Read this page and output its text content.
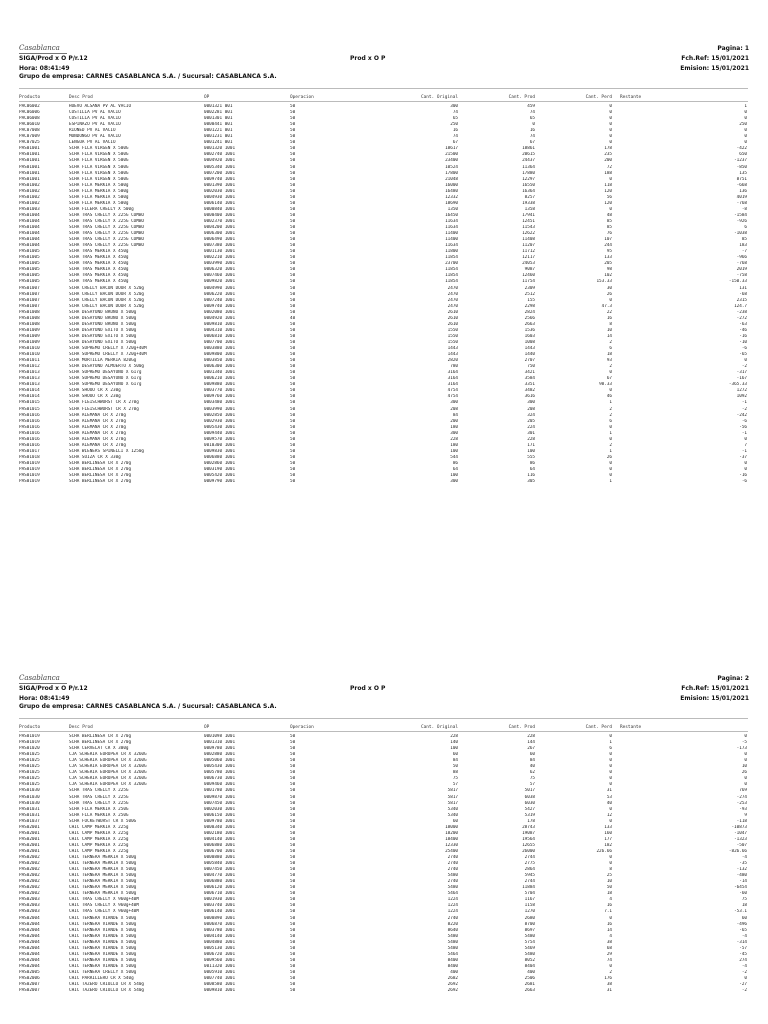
Casablanca
SIGA/Prod x O P/r.12	Prod x O P
Pagina: 1
Fch.Ref: 15/01/2021
Hora: 08:41:49	Emision: 15/01/2021
Grupo de empresa: CARNES CASABLANCA S.A. / Sucursal: CASABLANCA S.A.
Producto	Desc Prod	OP	Operacion	Cant. Original	Cant. Prod	Cant. Perd Restante
PAC06002	HUEVO ALSANA PV AL VACIO	0001321 001	50	300	459	0	1
PAC06006	COSTILLA PV AL VACIO	0002281 001	50	74	74	0	0
PAC06008	COSTILLA PV AL VACIO	0001301 001	50	65	65	0	0
PAC06010	ESPINAZO PV AL VACIO	0000441 001	50	250	0	0	250
PAC07008	RIONED PV AL VACIO	0001221 001	50	16	16	0	0
PAC07009	MONDONGO PV AL VACIO	0001231 001	50	74	74	0	0
PAC07025	LENGUA PV AL VACIO	0001241 001	50	67	67	0	0
PAS01001	SCHA FLLA VIRGEN X 500G	0001320 1001	50	18617	18861	178	-422
PAS01001	SCHA FLLA VIRGEN X 500G	0002740 1001	50	21500	20615	235	650
PAS01001	SCHA FLLA VIRGEN X 500G	0004920 1001	50	23400	24437	200	-1237
PAS01001	SCHA FLLA VIRGEN X 500G	0005340 1001	50	10524	11364	72	-850
PAS01001	SCHA FLLA VIRGEN X 500G	0007200 1001	50	17800	17880	188	135
PAS01001	SCHA FLLA VIRGEN X 500G	0009740 1001	50	21048	12297	0	8751
PAS01002	SCHA FLLA MERKIA X 500g	0001390 1001	50	16000	16550	118	-668
PAS01002	SCHA FLLA MERKIA X 500g	0002030 1001	50	16480	16364	120	136
PAS01002	SCHA FLLA MERKIA X 500g	0004930 1001	50	12332	8257	56	4019
PAS01002	SCHA FLLA MERKIA X 500g	0006140 1001	50	18690	19338	120	-768
PAS01003	SCHA FLLERA CRELLY X 500g	0000840 1001	50	1350	1358	0	-8
PAS01004	SCHA TRAS CRELLY X 225G COMBO	0000400 1001	50	16450	17941	48	-1584
PAS01004	SCHA TRAS CRELLY X 225G COMBO	0002370 1001	50	11634	12451	85	-926
PAS01004	SCHA TRAS CRELLY X 225G COMBO	0004200 1001	50	11634	11543	85	6
PAS01004	SCHA TRAS CRELLY X 225G COMBO	0006300 1001	50	11400	12622	76	-1038
PAS01004	SCHA TRAS CRELLY X 225G COMBO	0006490 1001	50	11400	11408	107	85
PAS01004	SCHA TRAS CRELLY X 225G COMBO	0007380 1001	50	11634	11207	244	183
PAS01005	SCHA TRAS MERKIA X 450g	0001130 1001	50	11800	11712	95	-7
PAS01005	SCHA TRAS MERKIA X 450g	0002210 1001	50	11854	12117	133	-966
PAS01005	SCHA TRAS MERKIA X 450g	0003990 1001	50	23700	24053	205	-768
PAS01005	SCHA TRAS MERKIA X 450g	0006320 1001	50	11854	9087	98	2019
PAS01005	SCHA TRAS MERKIA X 450g	0007460 1001	50	11854	12460	102	-758
PAS01005	SCHA TRAS MERKIA X 450g	0009820 1001	50	11854	11754	153.33	-150.33
PAS01007	SCHA CRELLY BACON DOOR X 520g	0004990 1001	50	2470	2309	30	131
PAS01007	SCHA CRELLY BACON DOOR X 520g	0006220 1001	50	2470	2512	26	-68
PAS01007	SCHA CRELLY BACON DOOR X 520g	0007240 1001	50	2470	155	0	2315
PAS01007	SCHA CRELLY BACON DOOR X 520g	0009740 1001	50	2470	2298	47.3	124.7
PAS01008	SCHA DESAYUNO BRUNO X 500g	0002080 1001	50	2610	2824	22	-238
PAS01008	SCHA DESAYUNO BRUNO X 500g	0004920 1001	40	2610	2566	16	-272
PAS01008	SCHA DESAYUNO BRUNO X 500g	0009810 1001	50	2610	2663	8	-63
PAS01009	SCHA DESAYUNO EXITO X 500g	0004310 1001	50	1550	1536	10	-46
PAS01009	SCHA DESAYUNO EXITO X 500g	0006810 1001	50	1550	1603	14	-16
PAS01009	SCHA DESAYUNO EXITO X 500g	0007700 1001	50	1550	1008	2	-10
PAS01010	SCHA SUPREMO CRELLY X 720g+40M	0003880 1001	50	1443	1443	6	-6
PAS01010	SCHA SUPREMO CRELLY X 720g+40M	0009800 1001	50	1443	1440	18	-65
PAS01011	SCHA MORTILLA MERKIA 820Gg	0003850 1001	50	2820	2707	93	0
PAS01012	SCHA DESAYUNO ALMUERTO X 500g	0006300 1001	50	780	750	2	-2
PAS01013	SCHA SUPREMO DESAYUNO X 617g	0001340 1001	50	3164	3421	0	-317
PAS01013	SCHA SUPREMO DESAYUNO X 617g	0006210 1001	50	3164	3584	67	-167
PAS01013	SCHA SUPREMO DESAYUNO X 617g	0009880 1001	50	3164	3351	98.33	-365.33
PAS01014	SCHA SHOOO CR X 230g	0003770 1001	50	4754	3482	0	1272
PAS01014	SCHA SHOOO CR X 230g	0009760 1001	50	4754	3616	46	1092
PAS01015	SCHA FLEISCHWURST CR X 270g	0003480 1001	50	300	300	1	-1
PAS01015	SCHA FLEISCHWURST CR X 270g	0003990 1001	50	208	208	2	-2
PAS01016	SCHA ALEMANA CR X 270g	0002850 1001	50	84	324	2	-242
PAS01016	SCHA ALEMANA CR X 270g	0002930 1001	50	200	205	6	-6
PAS01016	SCHA ALEMANA CR X 270g	0005430 1001	50	180	224	0	-56
PAS01016	SCHA ALEMANA CR X 270g	0009440 1001	50	300	301	1	-1
PAS01016	SCHA ALEMANA CR X 270g	0009570 1001	50	228	228	0	0
PAS01016	SCHA ALEMANA CR X 270g	0010300 1001	50	180	171	2	7
PAS01017	SCHA WIENERS SPINELLI X 1250g	0009830 1001	50	100	100	1	-1
PAS01018	SCHA SUIZA CR X 330g	0006880 1001	50	544	555	26	-37
PAS01019	SCHA BERLINESA CR X 270g	0002860 1001	50	86	86	0	0
PAS01019	SCHA BERLINESA CR X 270g	0003190 1001	50	64	64	0	0
PAS01019	SCHA BERLINESA CR X 270g	0005420 1001	50	100	116	0	-16
PAS01019	SCHA BERLINESA CR X 270g	0009790 1001	50	300	305	1	-6
Casablanca
SIGA/Prod x O P/r.12	Prod x O P
Pagina: 2
Fch.Ref: 15/01/2021
Hora: 08:41:49	Emision: 15/01/2021
Grupo de empresa: CARNES CASABLANCA S.A. / Sucursal: CASABLANCA S.A.
Producto	Desc Prod	OP	Operacion	Cant. Original	Cant. Prod	Cant. Perd Restante
PAS01019	SCHA BERLINESA CR X 270g	0001098 1001	50	228	228	0	0
PAS01019	SCHA BERLINESA CR X 270g	0001310 1001	50	140	144	1	-5
PAS01020	SCHA CERVELAT CR X 300g	0009780 1001	50	100	267	6	-173
PAS01025	CJA SCHERIA EUROPEA CR X 3260G	0002880 1001	50	60	60	0	0
PAS01025	CJA SCHERIA EUROPEA CR X 3260G	0005060 1001	50	84	84	0	0
PAS01025	CJA SCHERIA EUROPEA CR X 3260G	0005430 1001	50	50	40	0	10
PAS01025	CJA SCHERIA EUROPEA CR X 3260G	0005780 1001	50	88	62	0	26
PAS01025	CJA SCHERIA EUROPEA CR X 3260G	0006730 1001	50	75	75	0	0
PAS01025	CJA SCHERIA EUROPEA CR X 3260G	0009460 1001	50	57	57	0	0
PAS01030	SCHA TRAS CRELLY X 225G	0001780 1001	50	5817	5017	31	769
PAS01030	SCHA TRAS CRELLY X 225G	0009870 1001	50	5817	6038	53	-274
PAS01030	SCHA TRAS CRELLY X 225G	0007450 1001	50	5817	6030	40	-253
PAS01031	SCHA FLLA MERKIA X 250G	0002030 1001	50	5340	5427	0	-93
PAS01031	SCHA FLLA MERKIA X 250G	0006150 1001	50	5340	5319	12	9
PAS01037	SCHA FOCKETWURST CR X 500G	0009780 1001	50	60	178	0	-118
PAS02001	CHIC CAMP MERKIA X 225g	0000340 1001	50	18000	28743	133	-10873
PAS02001	CHIC CAMP MERKIA X 225g	0002180 1001	50	18200	19087	160	-1047
PAS02001	CHIC CAMP MERKIA X 225g	0004140 1001	50	18400	19564	177	-1323
PAS02001	CHIC CAMP MERKIA X 225g	0006880 1001	50	12330	12655	182	-507
PAS02001	CHIC CAMP MERKIA X 225g	0006700 1001	50	25400	26000	226.66	-826.66
PAS02002	CHIC TERNERA MERKIA X 500g	0000880 1001	50	2740	2744	0	-4
PAS02002	CHIC TERNERA MERKIA X 500g	0005840 1001	50	2740	2775	0	-35
PAS02002	CHIC TERNERA MERKIA X 500g	0007450 1001	50	2740	2864	8	-132
PAS02002	CHIC TERNERA MERKIA X 500g	0004770 1001	50	5480	5945	25	-480
PAS02002	CHIC TERNERA MERKIA X 500g	0006880 1001	50	2740	2744	10	-14
PAS02002	CHIC TERNERA MERKIA X 500g	0006120 1001	50	5480	11884	50	-6454
PAS02002	CHIC TERNERA MERKIA X 500g	0006710 1001	50	5464	5704	18	-60
PAS02003	CHIC TRAS CRELLY X 960g+40M	0001930 1001	50	1224	1167	4	75
PAS02003	CHIC TRAS CRELLY X 960g+40M	0003740 1001	50	1224	1158	16	18
PAS02003	CHIC TRAS CRELLY X 960g+40M	0006140 1001	50	1224	1270	7.1	-53.1
PAS02004	CHIC TERNERA VIANDE X 500g	0000890 1001	50	2740	2680	0	60
PAS02004	CHIC TERNERA VIANDE X 500g	0006870 1001	50	8220	8700	16	-496
PAS02004	CHIC TERNERA VIANDE X 500g	0003780 1001	50	8640	8697	14	-65
PAS02004	CHIC TERNERA VIANDE X 500g	0004140 1001	50	5480	5480	4	-4
PAS02004	CHIC TERNERA VIANDE X 500g	0004880 1001	50	5480	5754	38	-314
PAS02004	CHIC TERNERA VIANDE X 500g	0005130 1001	50	5480	5469	68	-57
PAS02004	CHIC TERNERA VIANDE X 500g	0006720 1001	50	5464	5480	29	-45
PAS02004	CHIC TERNERA VIANDE X 500g	0009560 1001	50	8400	8052	74	274
PAS02004	CHIC TERNERA VIANDE X 500g	0011320 1001	50	8400	8404	0	-4
PAS02005	CHIC TERNERA CRELLY X 500g	0005910 1001	50	400	400	2	-2
PAS02006	CHIC PARRILLERO CR X 540g	0007740 1001	50	2682	2506	176	0
PAS02007	CHIC TAZERO CRIOLLO CR X 540g	0008580 1001	50	2692	2681	38	-27
PAS02007	CHIC TAZERO CRIOLLO CR X 540g	0009810 1001	50	2692	2663	31	-2
